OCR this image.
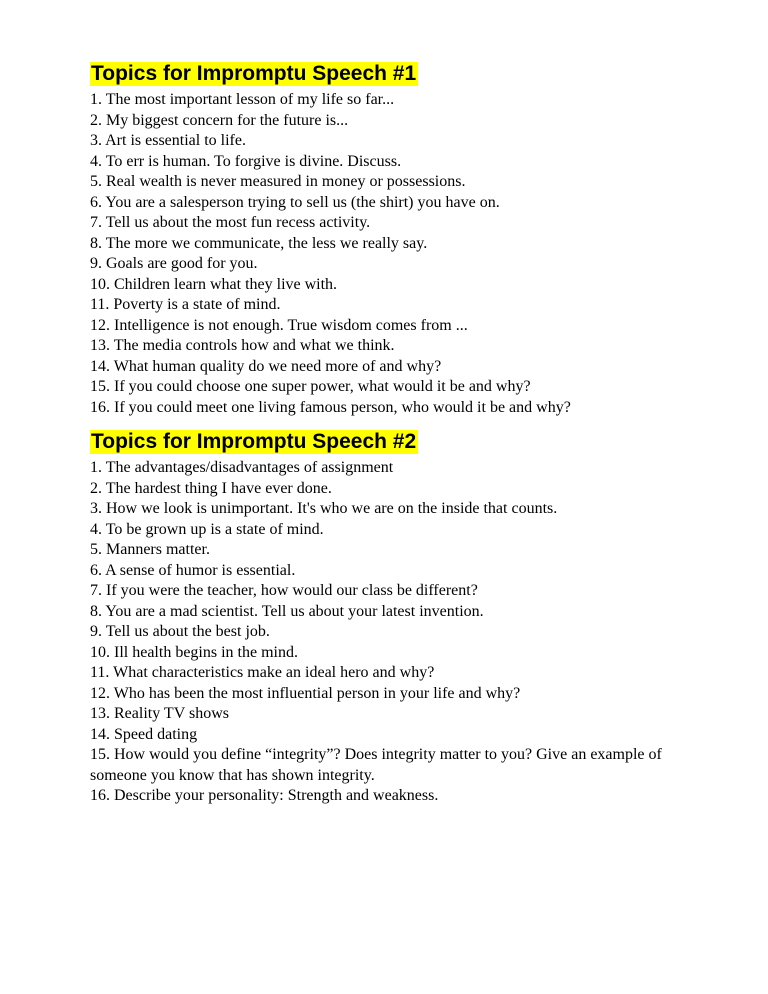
Topics for Impromptu Speech #1
1. The most important lesson of my life so far...
2. My biggest concern for the future is...
3. Art is essential to life.
4. To err is human. To forgive is divine. Discuss.
5. Real wealth is never measured in money or possessions.
6. You are a salesperson trying to sell us (the shirt) you have on.
7. Tell us about the most fun recess activity.
8. The more we communicate, the less we really say.
9. Goals are good for you.
10. Children learn what they live with.
11. Poverty is a state of mind.
12. Intelligence is not enough. True wisdom comes from ...
13. The media controls how and what we think.
14. What human quality do we need more of and why?
15. If you could choose one super power, what would it be and why?
16. If you could meet one living famous person, who would it be and why?
Topics for Impromptu Speech #2
1. The advantages/disadvantages of assignment
2. The hardest thing I have ever done.
3. How we look is unimportant. It's who we are on the inside that counts.
4. To be grown up is a state of mind.
5. Manners matter.
6. A sense of humor is essential.
7. If you were the teacher, how would our class be different?
8. You are a mad scientist. Tell us about your latest invention.
9. Tell us about the best job.
10. Ill health begins in the mind.
11. What characteristics make an ideal hero and why?
12. Who has been the most influential person in your life and why?
13. Reality TV shows
14. Speed dating
15. How would you define “integrity”? Does integrity matter to you? Give an example of someone you know that has shown integrity.
16. Describe your personality: Strength and weakness.
